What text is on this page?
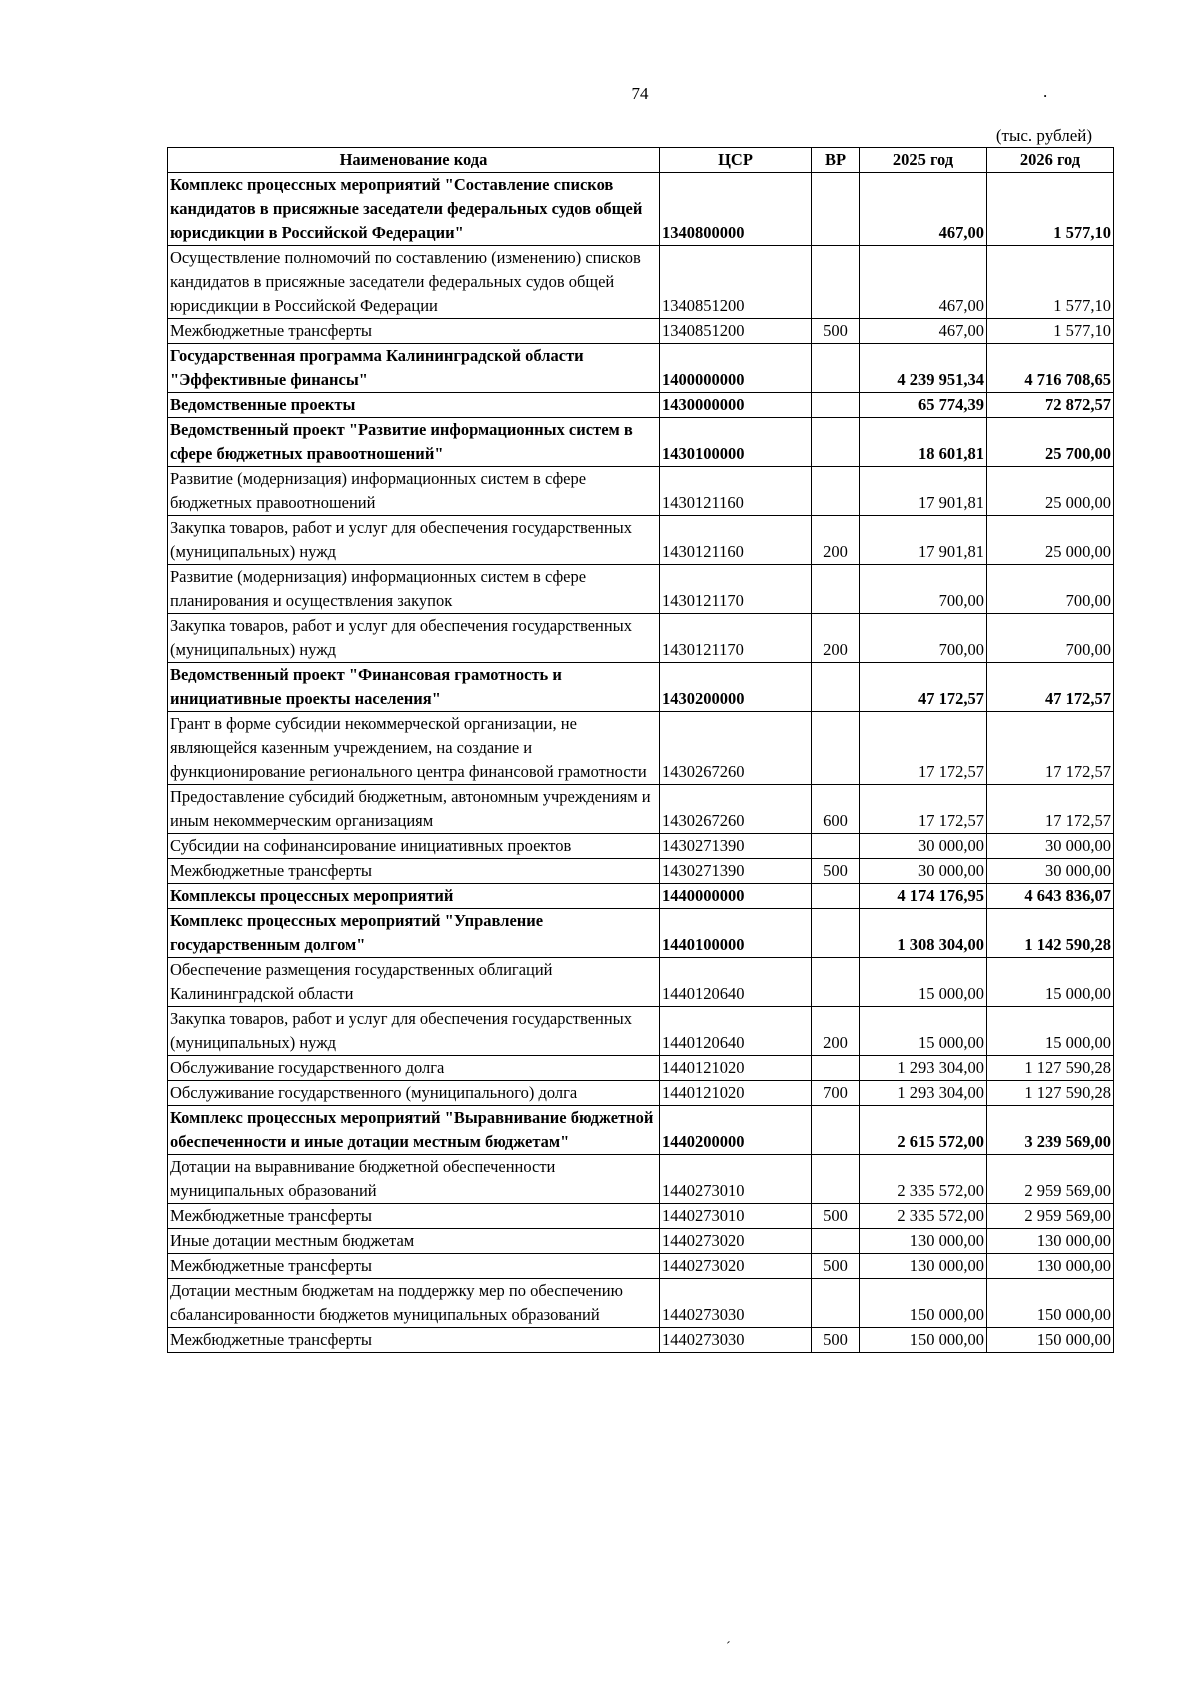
74	.
(тыс. рублей)
Наименование кода	ЦСР	ВР	2025 год	2026 год
Комплекс процессных мероприятий "Составление списков кандидатов в присяжные заседатели федеральных судов общей юрисдикции в Российской Федерации"	1340800000		467,00	1 577,10
Осуществление полномочий по составлению (изменению) списков кандидатов в присяжные заседатели федеральных судов общей юрисдикции в Российской Федерации	1340851200		467,00	1 577,10
Межбюджетные трансферты	1340851200	500	467,00	1 577,10
Государственная программа Калининградской области "Эффективные финансы"	1400000000		4 239 951,34	4 716 708,65
Ведомственные проекты	1430000000		65 774,39	72 872,57
Ведомственный проект "Развитие информационных систем в сфере бюджетных правоотношений"	1430100000		18 601,81	25 700,00
Развитие (модернизация) информационных систем в сфере бюджетных правоотношений	1430121160		17 901,81	25 000,00
Закупка товаров, работ и услуг для обеспечения государственных (муниципальных) нужд	1430121160	200	17 901,81	25 000,00
Развитие (модернизация) информационных систем в сфере планирования и осуществления закупок	1430121170		700,00	700,00
Закупка товаров, работ и услуг для обеспечения государственных (муниципальных) нужд	1430121170	200	700,00	700,00
Ведомственный проект "Финансовая грамотность и инициативные проекты населения"	1430200000		47 172,57	47 172,57
Грант в форме субсидии некоммерческой организации, не являющейся казенным учреждением, на создание и функционирование регионального центра финансовой грамотности	1430267260		17 172,57	17 172,57
Предоставление субсидий бюджетным, автономным учреждениям и иным некоммерческим организациям	1430267260	600	17 172,57	17 172,57
Субсидии на софинансирование инициативных проектов	1430271390		30 000,00	30 000,00
Межбюджетные трансферты	1430271390	500	30 000,00	30 000,00
Комплексы процессных мероприятий	1440000000		4 174 176,95	4 643 836,07
Комплекс процессных мероприятий "Управление государственным долгом"	1440100000		1 308 304,00	1 142 590,28
Обеспечение размещения государственных облигаций Калининградской области	1440120640		15 000,00	15 000,00
Закупка товаров, работ и услуг для обеспечения государственных (муниципальных) нужд	1440120640	200	15 000,00	15 000,00
Обслуживание государственного долга	1440121020		1 293 304,00	1 127 590,28
Обслуживание государственного (муниципального) долга	1440121020	700	1 293 304,00	1 127 590,28
Комплекс процессных мероприятий "Выравнивание бюджетной обеспеченности и иные дотации местным бюджетам"	1440200000		2 615 572,00	3 239 569,00
Дотации на выравнивание бюджетной обеспеченности муниципальных образований	1440273010		2 335 572,00	2 959 569,00
Межбюджетные трансферты	1440273010	500	2 335 572,00	2 959 569,00
Иные дотации местным бюджетам	1440273020		130 000,00	130 000,00
Межбюджетные трансферты	1440273020	500	130 000,00	130 000,00
Дотации местным бюджетам на поддержку мер по обеспечению сбалансированности бюджетов муниципальных образований	1440273030		150 000,00	150 000,00
Межбюджетные трансферты	1440273030	500	150 000,00	150 000,00
´
